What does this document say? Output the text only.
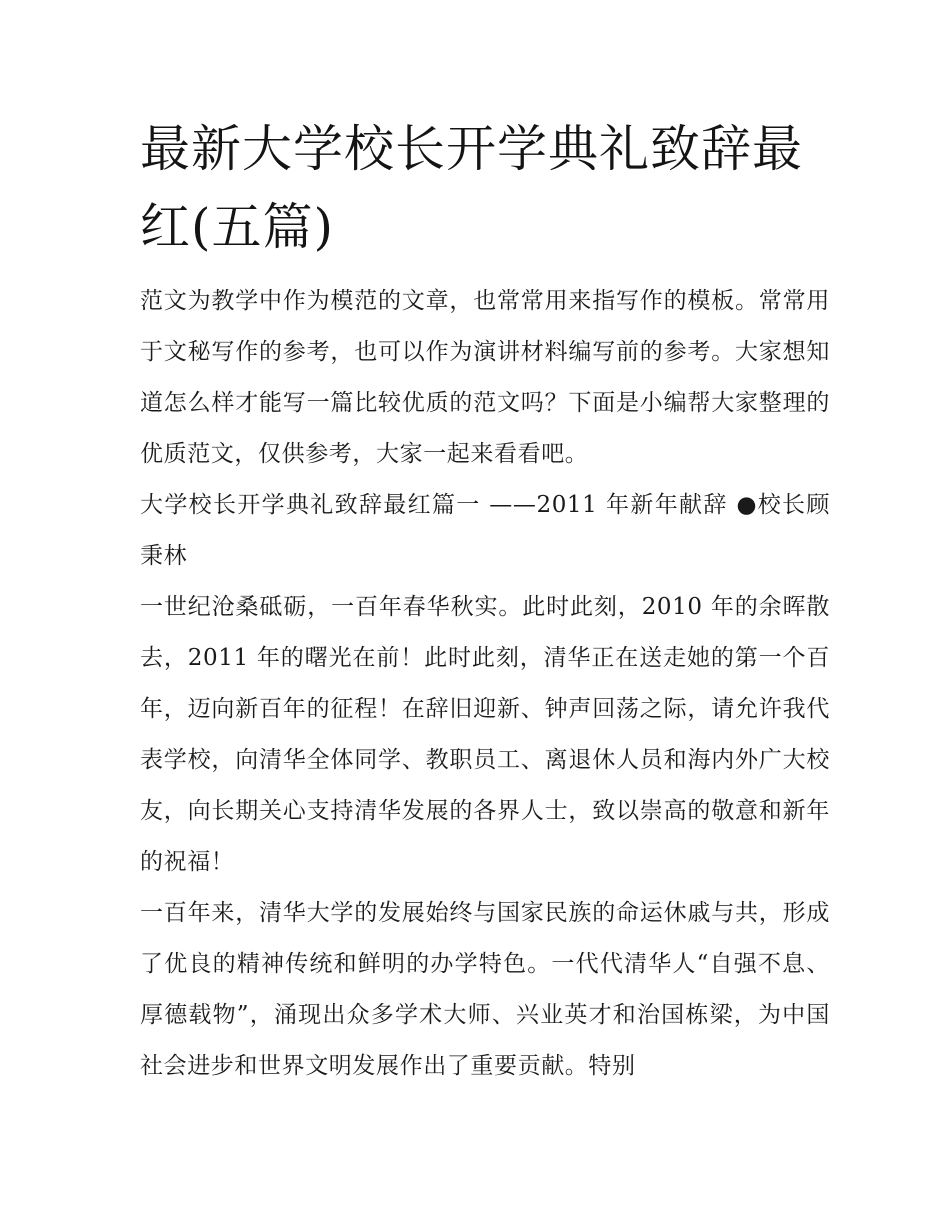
最新大学校长开学典礼致辞最红(五篇)

范文为教学中作为模范的文章，也常常用来指写作的模板。常常用于文秘写作的参考，也可以作为演讲材料编写前的参考。大家想知道怎么样才能写一篇比较优质的范文吗？下面是小编帮大家整理的优质范文，仅供参考，大家一起来看看吧。

大学校长开学典礼致辞最红篇一 ——2011 年新年献辞 ●校长顾秉林

一世纪沧桑砥砺，一百年春华秋实。此时此刻，2010 年的余晖散去，2011 年的曙光在前！此时此刻，清华正在送走她的第一个百年，迈向新百年的征程！在辞旧迎新、钟声回荡之际，请允许我代表学校，向清华全体同学、教职员工、离退休人员和海内外广大校友，向长期关心支持清华发展的各界人士，致以崇高的敬意和新年的祝福！

一百年来，清华大学的发展始终与国家民族的命运休戚与共，形成了优良的精神传统和鲜明的办学特色。一代代清华人“自强不息、厚德载物”，涌现出众多学术大师、兴业英才和治国栋梁，为中国社会进步和世界文明发展作出了重要贡献。特别
